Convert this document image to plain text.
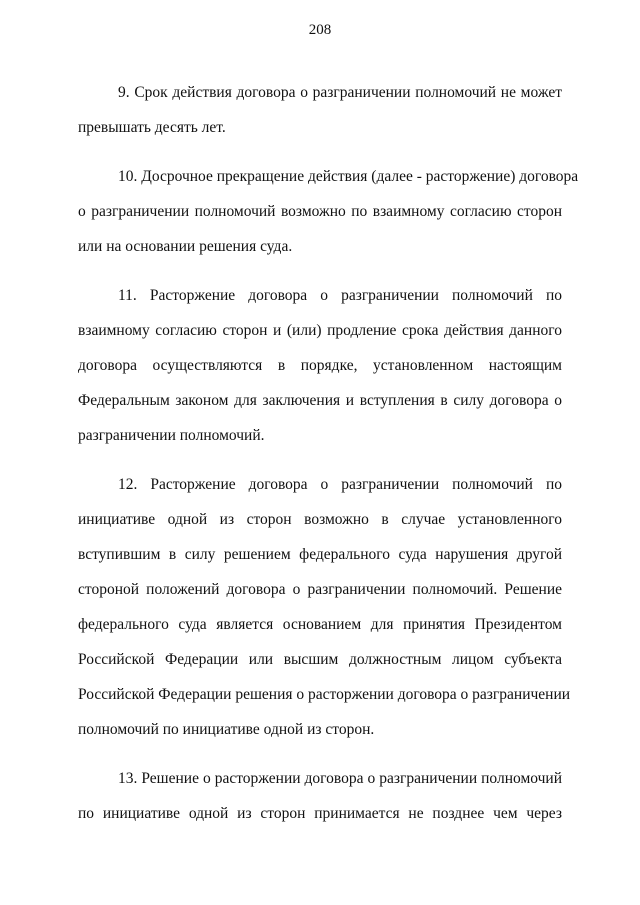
208
9. Срок действия договора о разграничении полномочий не может
превышать десять лет.
10. Досрочное прекращение действия (далее - расторжение) договора
о разграничении полномочий возможно по взаимному согласию сторон
или на основании решения суда.
11. Расторжение договора о разграничении полномочий по
взаимному согласию сторон и (или) продление срока действия данного
договора осуществляются в порядке, установленном настоящим
Федеральным законом для заключения и вступления в силу договора о
разграничении полномочий.
12. Расторжение договора о разграничении полномочий по
инициативе одной из сторон возможно в случае установленного
вступившим в силу решением федерального суда нарушения другой
стороной положений договора о разграничении полномочий. Решение
федерального суда является основанием для принятия Президентом
Российской Федерации или высшим должностным лицом субъекта
Российской Федерации решения о расторжении договора о разграничении
полномочий по инициативе одной из сторон.
13. Решение о расторжении договора о разграничении полномочий
по инициативе одной из сторон принимается не позднее чем через
